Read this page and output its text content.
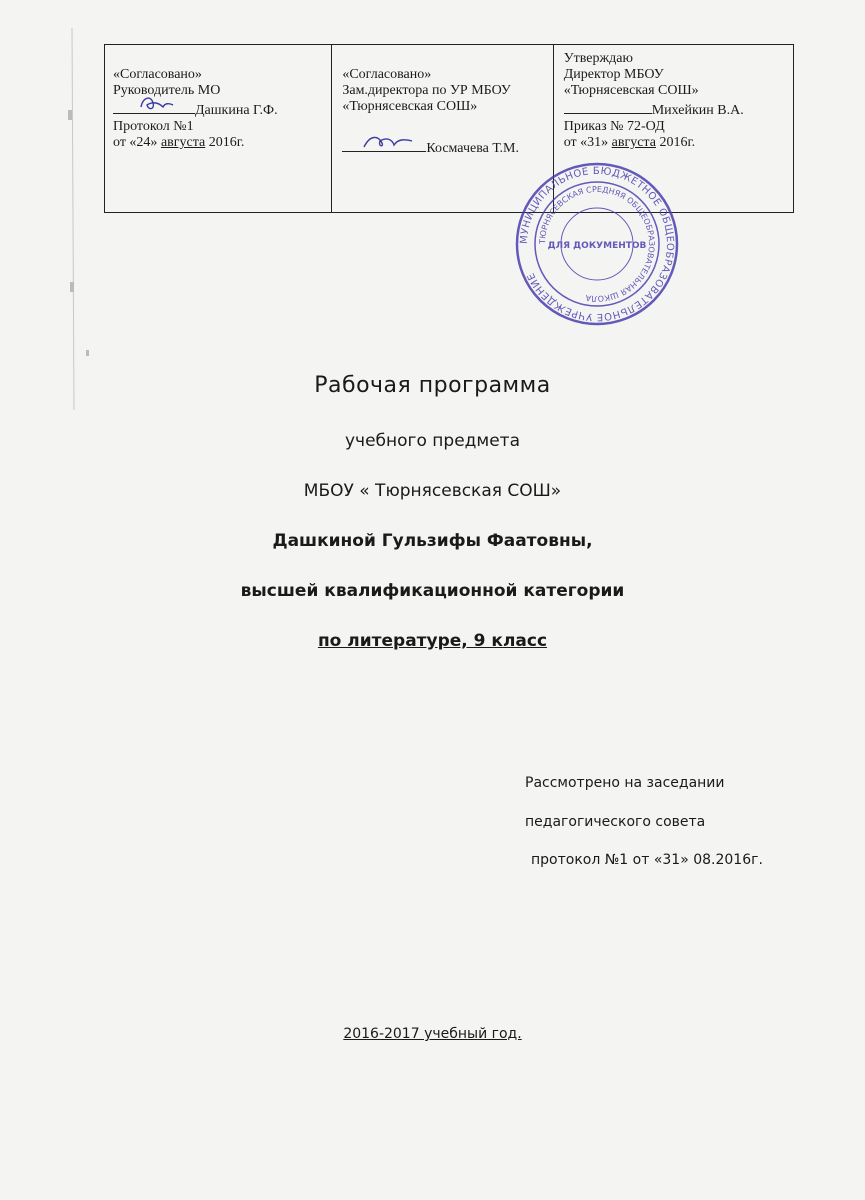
«Согласовано»
Руководитель МО
Дашкина Г.Ф.
Протокол №1
от «24» августа 2016г.
«Согласовано»
Зам.директора по УР МБОУ
«Тюрнясевская СОШ»
Космачева Т.М.
Утверждаю
Директор МБОУ
«Тюрнясевская СОШ»
Михейкин В.А.
Приказ № 72-ОД
от «31» августа 2016г.
МУНИЦИПАЛЬНОЕ БЮДЖЕТНОЕ ОБЩЕОБРАЗОВАТЕЛЬНОЕ УЧРЕЖДЕНИЕ
ТЮРНЯСЕВСКАЯ СРЕДНЯЯ ОБЩЕОБРАЗОВАТЕЛЬНАЯ ШКОЛА
ДЛЯ ДОКУМЕНТОВ
Рабочая программа
учебного предмета
МБОУ « Тюрнясевская СОШ»
Дашкиной Гульзифы Фаатовны,
высшей квалификационной категории
по литературе, 9 класс
Рассмотрено на заседании
педагогического совета
протокол №1 от «31» 08.2016г.
2016-2017 учебный год.
